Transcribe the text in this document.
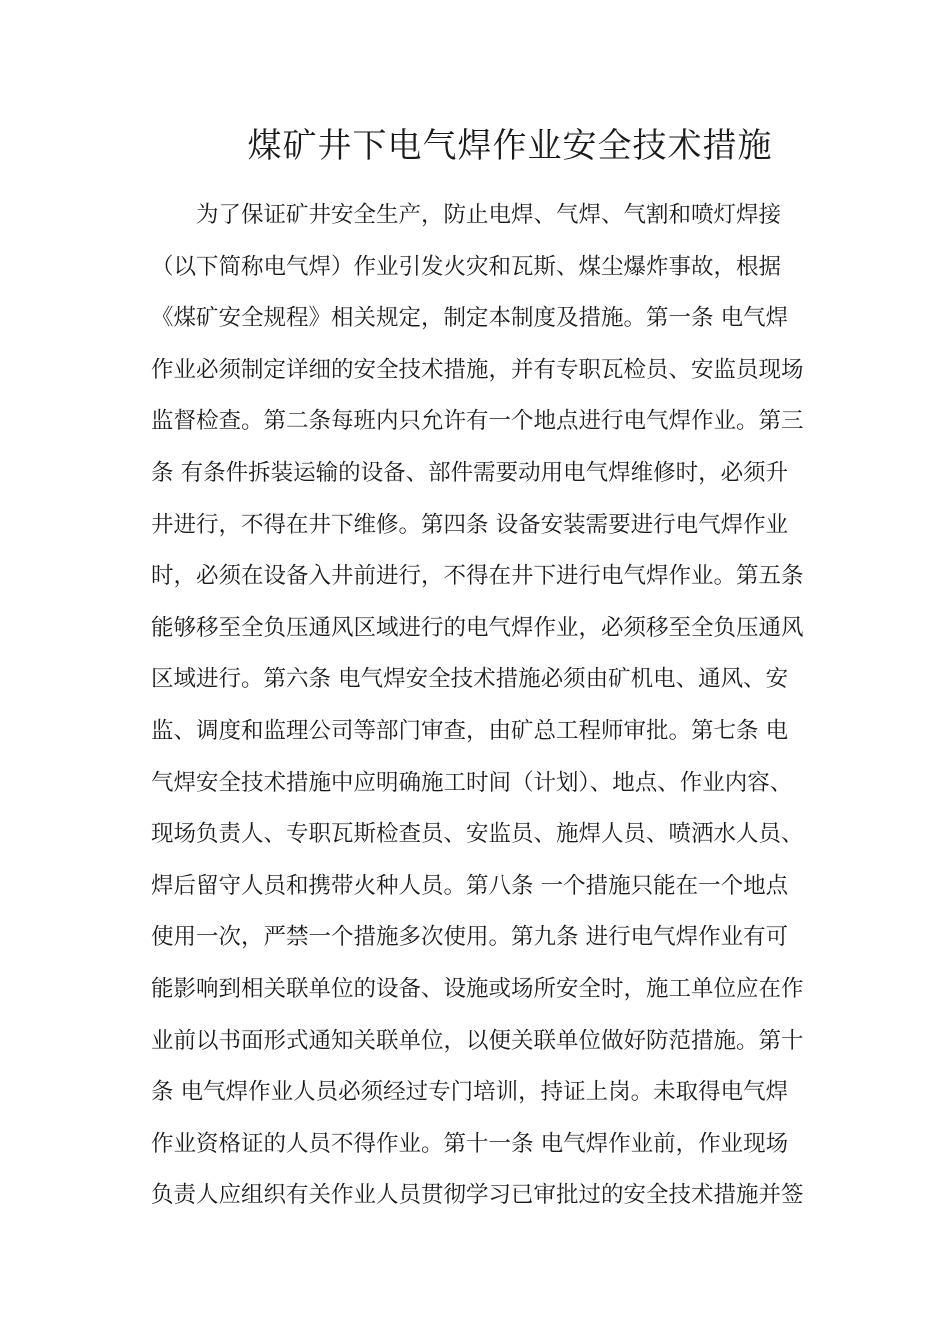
煤矿井下电气焊作业安全技术措施
为了保证矿井安全生产，防止电焊、气焊、气割和喷灯焊接
（以下简称电气焊）作业引发火灾和瓦斯、煤尘爆炸事故，根据
《煤矿安全规程》相关规定，制定本制度及措施。第一条 电气焊
作业必须制定详细的安全技术措施，并有专职瓦检员、安监员现场
监督检查。第二条每班内只允许有一个地点进行电气焊作业。第三
条 有条件拆装运输的设备、部件需要动用电气焊维修时，必须升
井进行，不得在井下维修。第四条 设备安装需要进行电气焊作业
时，必须在设备入井前进行，不得在井下进行电气焊作业。第五条
能够移至全负压通风区域进行的电气焊作业，必须移至全负压通风
区域进行。第六条 电气焊安全技术措施必须由矿机电、通风、安
监、调度和监理公司等部门审查，由矿总工程师审批。第七条 电
气焊安全技术措施中应明确施工时间（计划）、地点、作业内容、
现场负责人、专职瓦斯检查员、安监员、施焊人员、喷洒水人员、
焊后留守人员和携带火种人员。第八条 一个措施只能在一个地点
使用一次，严禁一个措施多次使用。第九条 进行电气焊作业有可
能影响到相关联单位的设备、设施或场所安全时，施工单位应在作
业前以书面形式通知关联单位，以便关联单位做好防范措施。第十
条 电气焊作业人员必须经过专门培训，持证上岗。未取得电气焊
作业资格证的人员不得作业。第十一条 电气焊作业前，作业现场
负责人应组织有关作业人员贯彻学习已审批过的安全技术措施并签
